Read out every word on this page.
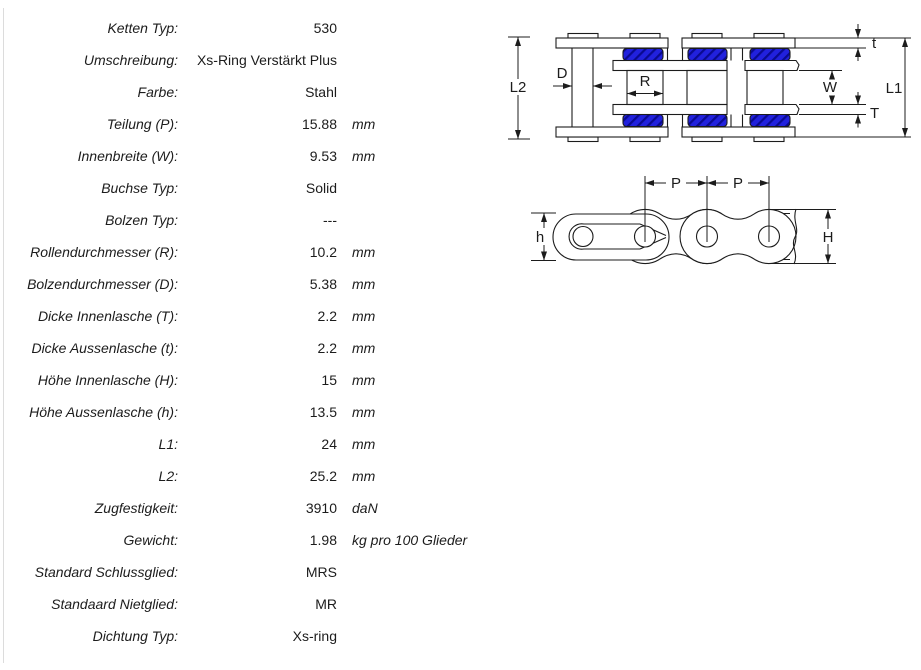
Ketten Typ:	530
Umschreibung:	Xs-Ring Verstärkt Plus
Farbe:	Stahl
Teilung (P):	15.88	mm
Innenbreite (W):	9.53	mm
Buchse Typ:	Solid
Bolzen Typ:	---
Rollendurchmesser (R):	10.2	mm
Bolzendurchmesser (D):	5.38	mm
Dicke Innenlasche (T):	2.2	mm
Dicke Aussenlasche (t):	2.2	mm
Höhe Innenlasche (H):	15	mm
Höhe Aussenlasche (h):	13.5	mm
L1:	24	mm
L2:	25.2	mm
Zugfestigkeit:	3910	daN
Gewicht:	1.98	kg pro 100 Glieder
Standard Schlussglied:	MRS
Standaard Nietglied:	MR
Dichtung Typ:	Xs-ring
L2
D	R
t
W
T
L1
P	P
h	H
